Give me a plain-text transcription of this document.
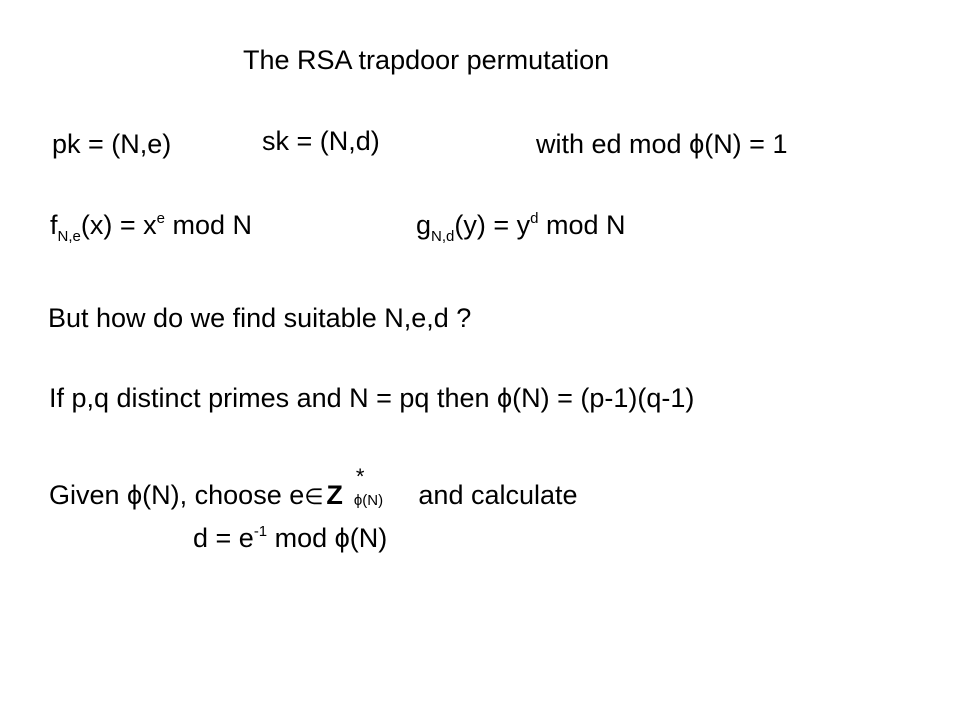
The RSA trapdoor permutation
pk = (N,e)	sk = (N,d)	with ed mod ϕ(N) = 1
$f_{N,e}(x) = x^e$ mod N	$g_{N,d}(y) = y^d$ mod N
But how do we find suitable N,e,d ?
If p,q distinct primes and N = pq then ϕ(N) = (p-1)(q-1)
Given ϕ(N), choose e∈ Z
*
ϕ(N) and calculate
$d = e^{-1}$ mod ϕ(N)
